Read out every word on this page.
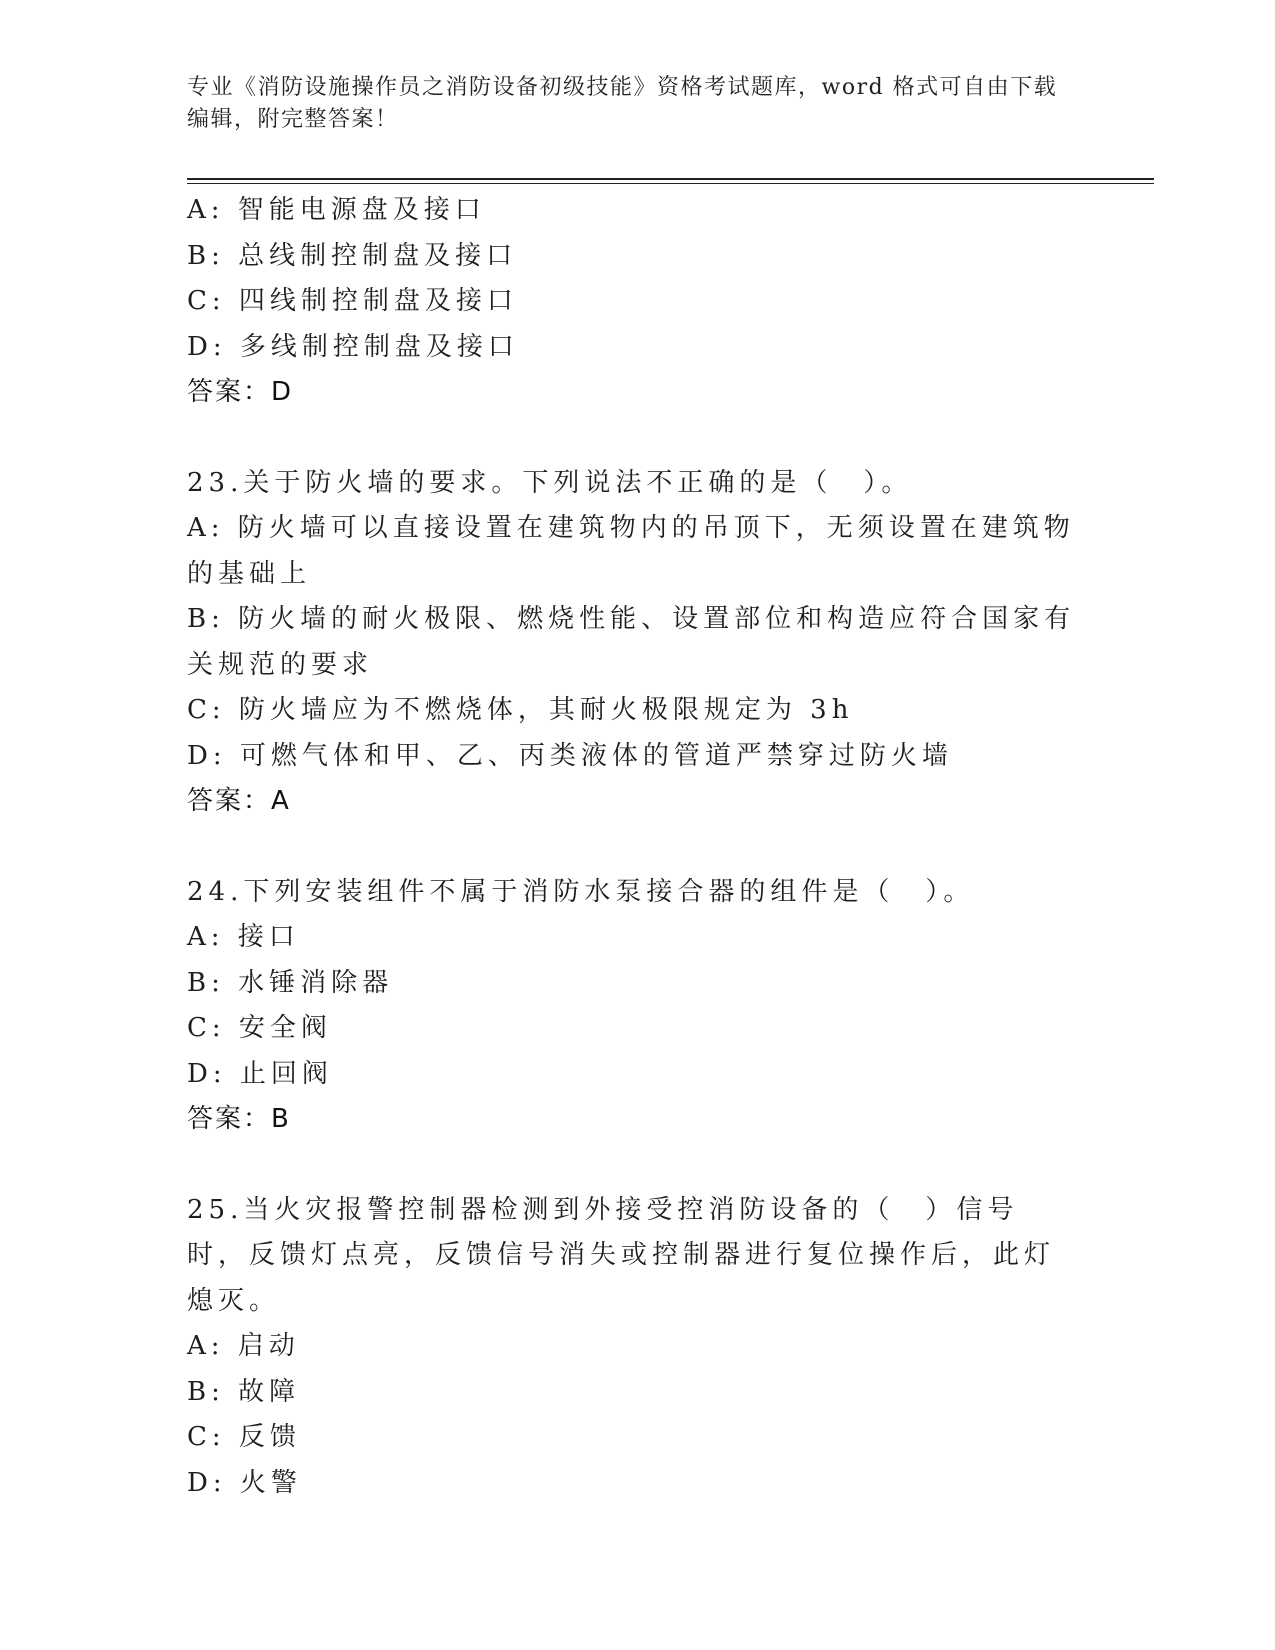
专业《消防设施操作员之消防设备初级技能》资格考试题库，word 格式可自由下载编辑，附完整答案！

A: 智能电源盘及接口

B: 总线制控制盘及接口

C: 四线制控制盘及接口

D: 多线制控制盘及接口

答案：D

23.关于防火墙的要求。下列说法不正确的是（　）。

A: 防火墙可以直接设置在建筑物内的吊顶下，无须设置在建筑物的基础上

B: 防火墙的耐火极限、燃烧性能、设置部位和构造应符合国家有关规范的要求

C: 防火墙应为不燃烧体，其耐火极限规定为 3h

D: 可燃气体和甲、乙、丙类液体的管道严禁穿过防火墙

答案：A

24.下列安装组件不属于消防水泵接合器的组件是（　）。

A: 接口

B: 水锤消除器

C: 安全阀

D: 止回阀

答案：B

25.当火灾报警控制器检测到外接受控消防设备的（　）信号时，反馈灯点亮，反馈信号消失或控制器进行复位操作后，此灯熄灭。

A: 启动

B: 故障

C: 反馈

D: 火警
